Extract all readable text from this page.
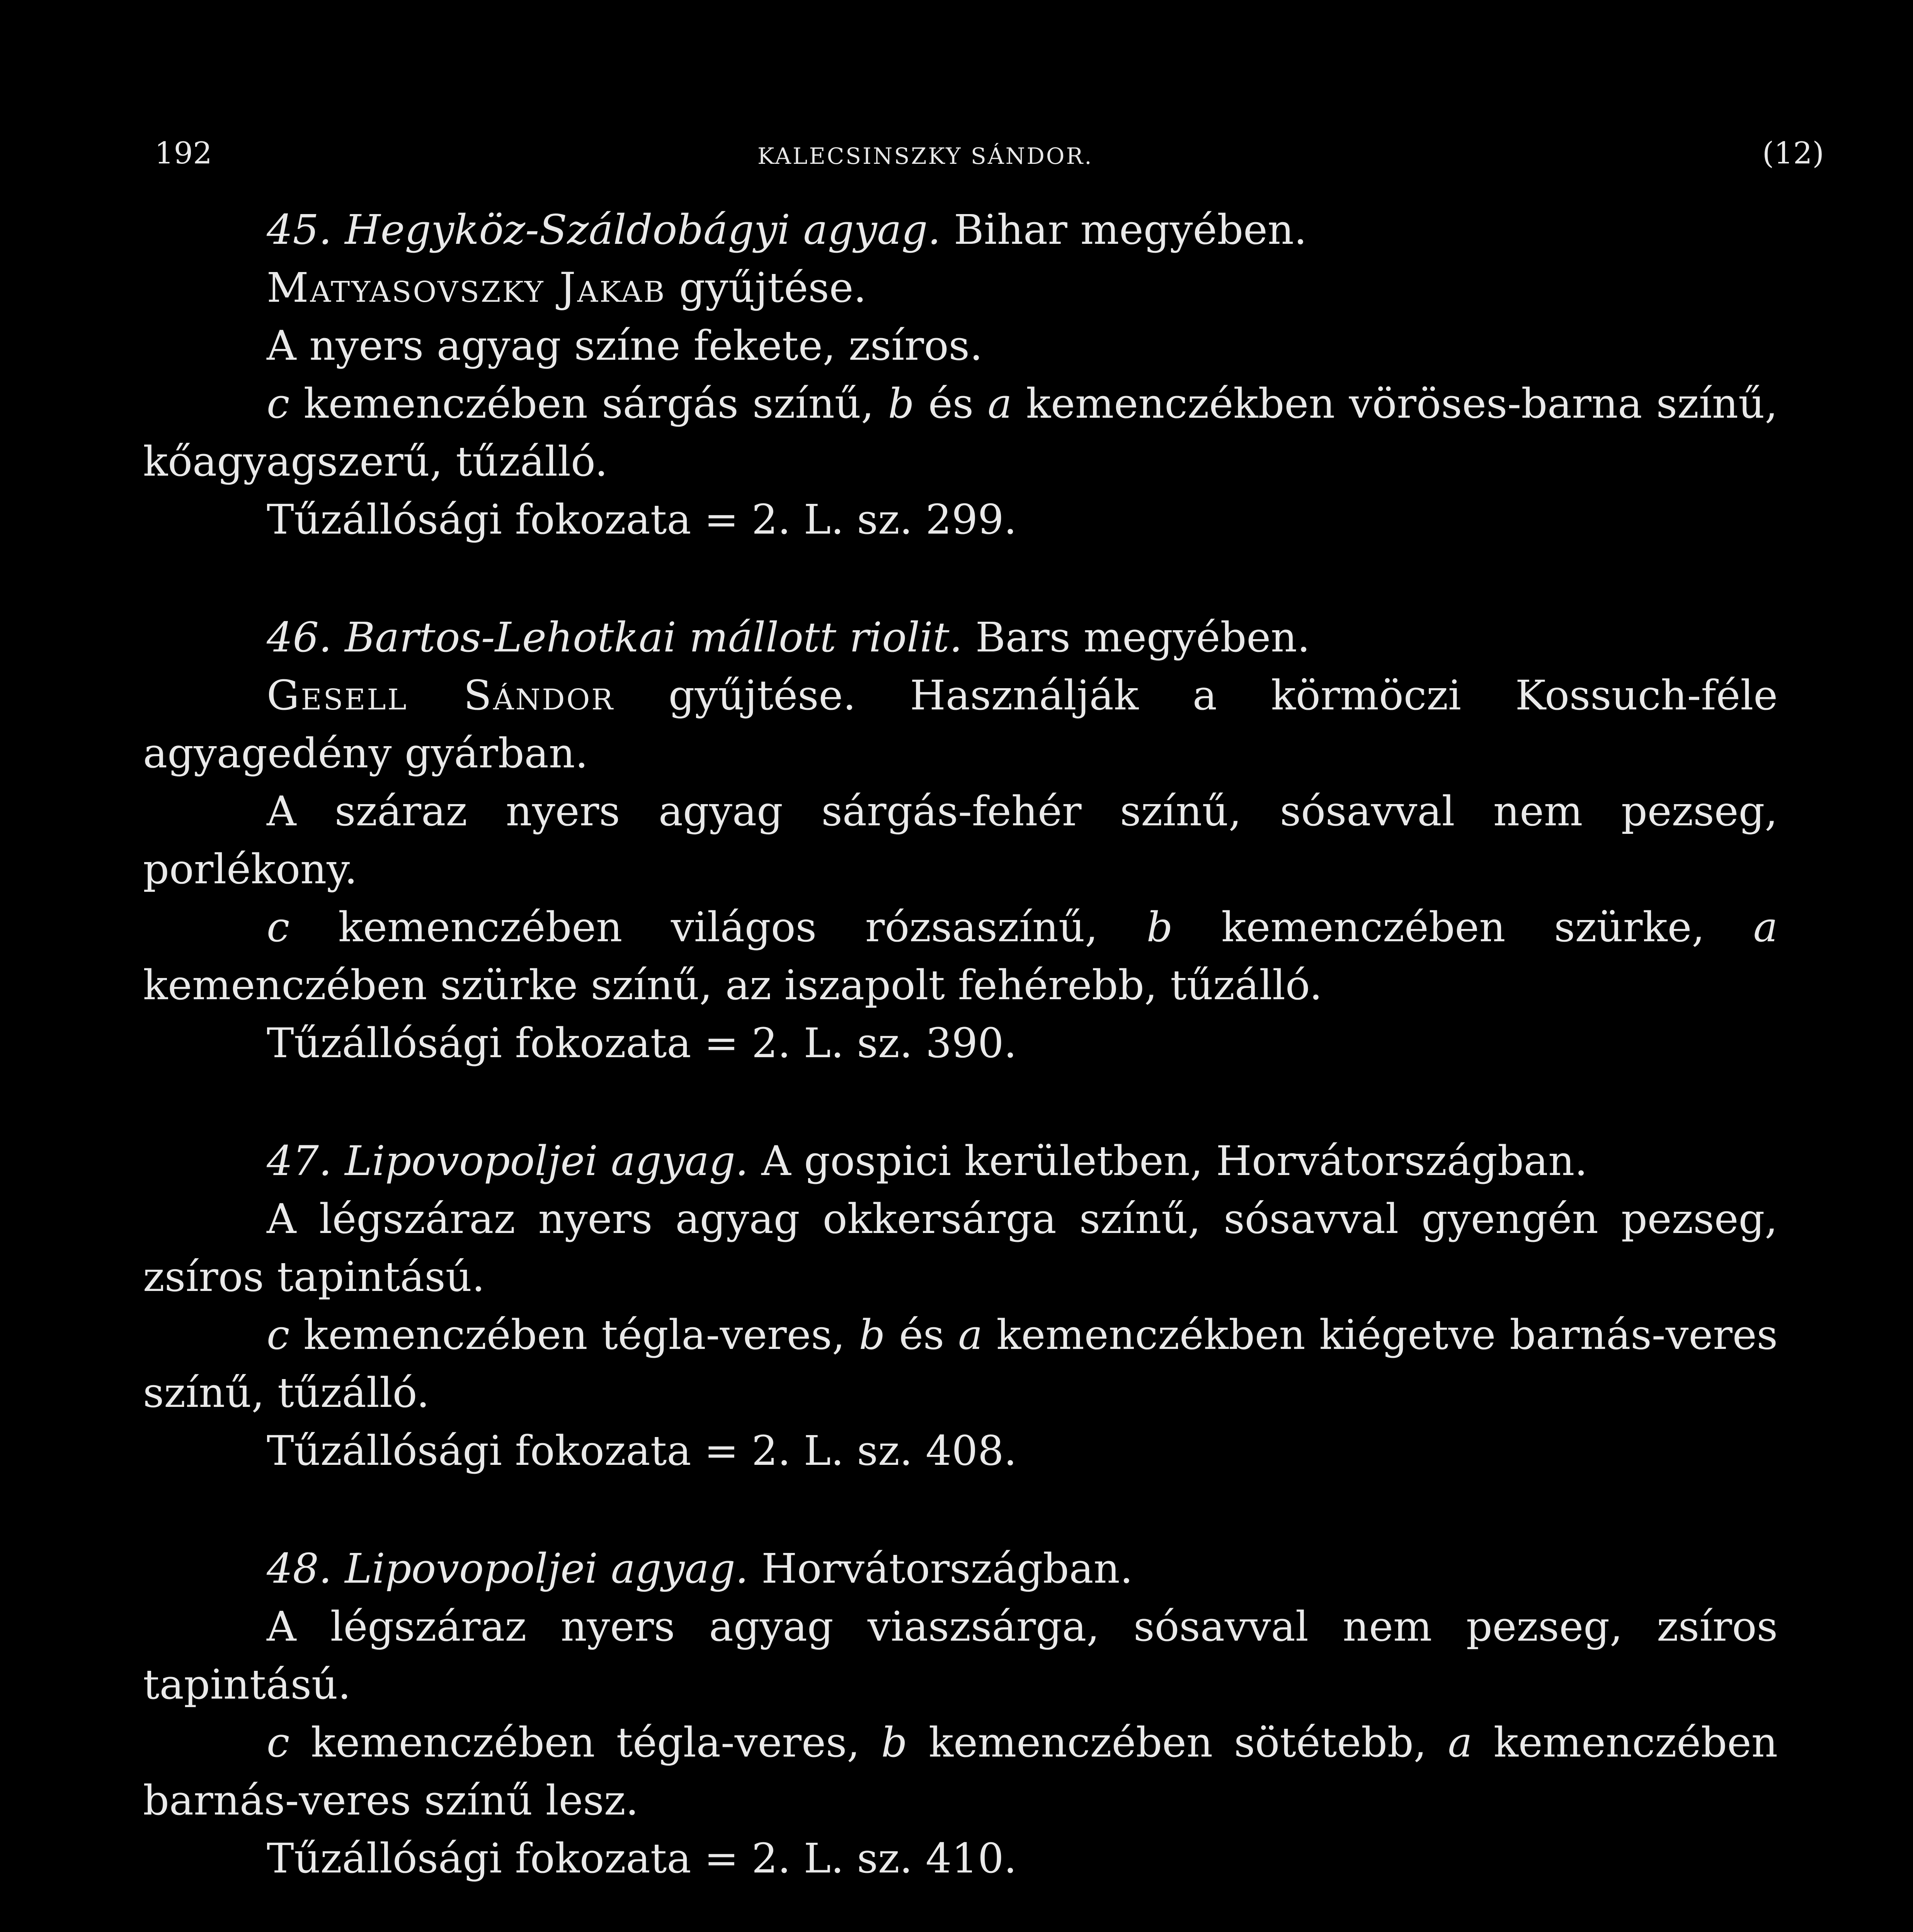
192	KALECSINSZKY SÁNDOR.	(12)

45. Hegyköz-Száldobágyi agyag. Bihar megyében.

Matyasovszky Jakab gyűjtése.

A nyers agyag színe fekete, zsíros.

c kemenczében sárgás színű, b és a kemenczékben vöröses-barna színű, kőagyagszerű, tűzálló.

Tűzállósági fokozata = 2. L. sz. 299.

46. Bartos-Lehotkai mállott riolit. Bars megyében.

Gesell Sándor gyűjtése. Használják a körmöczi Kossuch-féle agyagedény gyárban.

A száraz nyers agyag sárgás-fehér színű, sósavval nem pezseg, porlékony.

c kemenczében világos rózsaszínű, b kemenczében szürke, a kemenczében szürke színű, az iszapolt fehérebb, tűzálló.

Tűzállósági fokozata = 2. L. sz. 390.

47. Lipovopoljei agyag. A gospici kerületben, Horvátországban.

A légszáraz nyers agyag okkersárga színű, sósavval gyengén pezseg, zsíros tapintású.

c kemenczében tégla-veres, b és a kemenczékben kiégetve barnás-veres színű, tűzálló.

Tűzállósági fokozata = 2. L. sz. 408.

48. Lipovopoljei agyag. Horvátországban.

A légszáraz nyers agyag viaszsárga, sósavval nem pezseg, zsíros tapintású.

c kemenczében tégla-veres, b kemenczében sötétebb, a kemenczében barnás-veres színű lesz.

Tűzállósági fokozata = 2. L. sz. 410.
